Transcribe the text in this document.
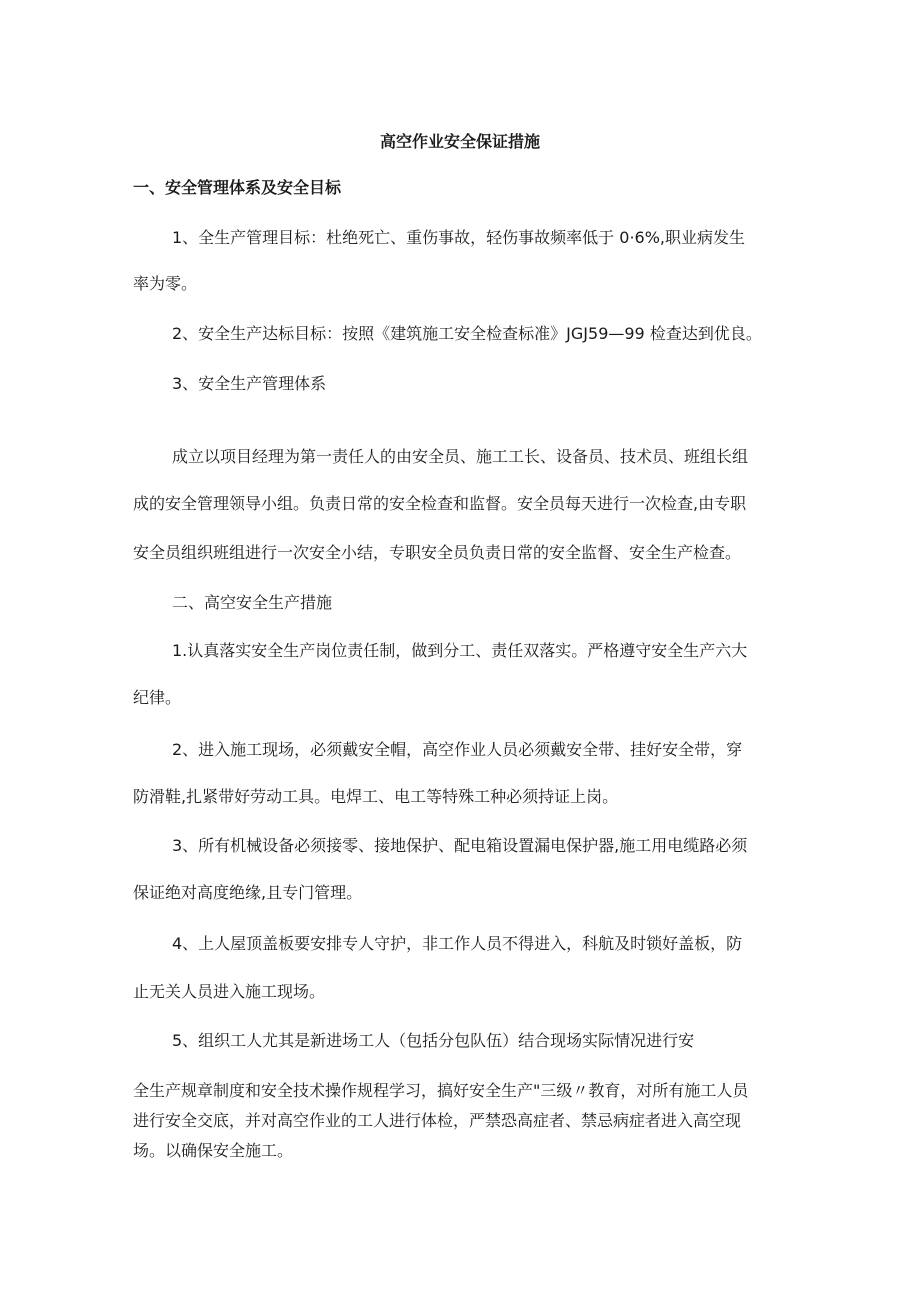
高空作业安全保证措施
一、安全管理体系及安全目标
1、全生产管理目标：杜绝死亡、重伤事故，轻伤事故频率低于 0·6%,职业病发生
率为零。
2、安全生产达标目标：按照《建筑施工安全检查标准》JGJ59—99 检查达到优良。
3、安全生产管理体系
成立以项目经理为第一责任人的由安全员、施工工长、设备员、技术员、班组长组
成的安全管理领导小组。负责日常的安全检查和监督。安全员每天进行一次检查,由专职
安全员组织班组进行一次安全小结，专职安全员负责日常的安全监督、安全生产检查。
二、高空安全生产措施
1.认真落实安全生产岗位责任制，做到分工、责任双落实。严格遵守安全生产六大
纪律。
2、进入施工现场，必须戴安全帽，高空作业人员必须戴安全带、挂好安全带，穿
防滑鞋,扎紧带好劳动工具。电焊工、电工等特殊工种必须持证上岗。
3、所有机械设备必须接零、接地保护、配电箱设置漏电保护器,施工用电缆路必须
保证绝对高度绝缘,且专门管理。
4、上人屋顶盖板要安排专人守护，非工作人员不得进入，科航及时锁好盖板，防
止无关人员进入施工现场。
5、组织工人尤其是新进场工人（包括分包队伍）结合现场实际情况进行安
全生产规章制度和安全技术操作规程学习，搞好安全生产"三级〃教育，对所有施工人员
进行安全交底，并对高空作业的工人进行体检，严禁恐高症者、禁忌病症者进入高空现
场。以确保安全施工。
